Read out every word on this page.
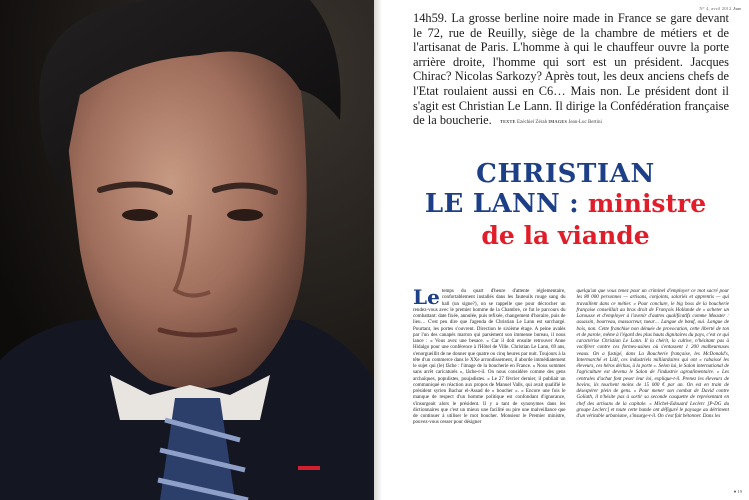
N° 4, avril 2012 Jsm

14h59. La grosse berline noire made in France se gare devant le 72, rue de Reuilly, siège de la chambre de métiers et de l'artisanat de Paris. L'homme à qui le chauffeur ouvre la porte arrière droite, l'homme qui sort est un président. Jacques Chirac? Nicolas Sarkozy? Après tout, les deux anciens chefs de l'Etat roulaient aussi en C6… Mais non. Le président dont il s'agit est Christian Le Lann. Il dirige la Confédération française de la boucherie.	TEXTE Ezéchiel Zérah IMAGES Jean-Luc Bertini
CHRISTIAN
LE LANN : ministre
de la viande

Le temps du quart d'heure d'attente réglementaire, confortablement installés dans les fauteuils rouge sang du hall (un signe?), on se rappelle que pour décrocher un rendez-vous avec le premier homme de la Chambre, ce fut le parcours du combattant: date fixée, annulée, puis refixée, changement d'horaire, puis de lieu… C'est peu dire que l'agenda de Christian Le Lann est surchargé. Pourtant, les portes s'ouvrent. Direction le sixième étage. A peine avalés par l'un des canapés marron qui parsèment son immense bureau, il nous lance : « Vous avez une besace. » Car il doit ensuite retrouver Anne Hidalgo pour une conférence à l'Hôtel de Ville. Christian Le Lann, 69 ans, s'enorgueillit de ne donner que quatre ou cinq heures par nuit. Toujours à la tête d'un commerce dans le XXe arrondissement, il aborde immédiatement le sujet qui (le) fâche : l'image de la boucherie en France. « Nous sommes sans arrêt caricaturés », lâche-t-il. On nous considère comme des gens archaïques, populistes, poujadistes. » Le 27 février dernier, il publiait un communiqué en réaction aux propos de Manuel Valls, qui avait qualifié le président syrien Bachar el-Assad de « boucher ». « Encore une fois le manque de respect d'un homme politique est confondant d'ignorance, s'insurgeait alors le président. Il y a tant de synonymes dans les dictionnaires que c'est un mieux une facilité ou pire une malveillance que de continuer à utiliser le mot boucher. Monsieur le Premier ministre, pouvez-vous cesser pour désigner

quelqu'un que vous tenez pour un criminel d'employer ce mot sacré pour les 80 000 personnes — artisans, conjoints, salariés et apprentis — qui travaillent dans ce métier. » Pour conclure, le big boss de la boucherie française conseillait au bras droit de François Hollande de « acheter un Larousse et d'employer à l'avenir d'autres qualificatifs comme Mouster : assassin, bourreau, massacreur, tueur… Langue de bœuf, oui. Langue de bois, non. Cette franchise non dénuée de provocation, cette liberté de ton et de parole, même à l'égard des plus hauts dignitaires du pays, c'est ce qui caractérise Christian Le Lann. Il la chérit, la cultive, n'hésitant pas à vociférer contre ces formes-usines où s'entassent 1 200 malheureuses veaux. On a fustigé, dans La Boucherie française, les McDonald's, Intermarché et Lidl, ces industriels milliardaires qui ont « rabaissé les éleveurs, ces héros déchus, à la porte ». Selon lui, le Salon international de l'agriculture est devenu le Salon de l'industrie agroalimentaire. « Les centrales d'achat font peser leur loi, explique-t-il. Prenez les éleveurs de bovins, ils touchent moins de 15 000 € par an. On est en train de désespérer plein de gens. » Pour mener son combat de David contre Goliath, il n'hésite pas à sortir sa seconde casquette de représentant en chef des artisans de la capitale. « Michel-Edouard Leclerc [P-DG du groupe Leclerc] et toute cette bande ont défiguré le paysage au détriment d'un véritable urbanisme, s'insurge-t-il. On s'est fait bétonner. Dans les

● 19
